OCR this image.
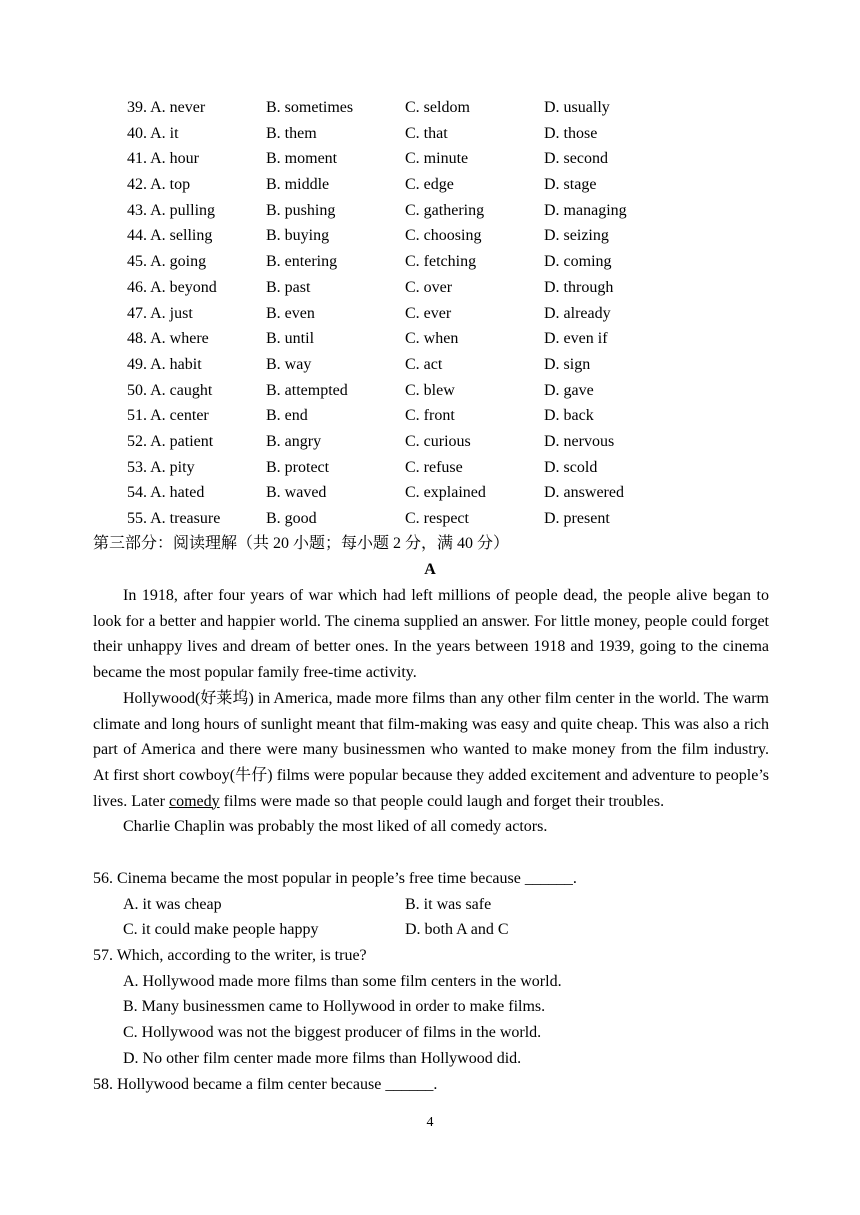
39. A. never	B. sometimes	C. seldom	D. usually
40. A. it	B. them	C. that	D. those
41. A. hour	B. moment	C. minute	D. second
42. A. top	B. middle	C. edge	D. stage
43. A. pulling	B. pushing	C. gathering	D. managing
44. A. selling	B. buying	C. choosing	D. seizing
45. A. going	B. entering	C. fetching	D. coming
46. A. beyond	B. past	C. over	D. through
47. A. just	B. even	C. ever	D. already
48. A. where	B. until	C. when	D. even if
49. A. habit	B. way	C. act	D. sign
50. A. caught	B. attempted	C. blew	D. gave
51. A. center	B. end	C. front	D. back
52. A. patient	B. angry	C. curious	D. nervous
53. A. pity	B. protect	C. refuse	D. scold
54. A. hated	B. waved	C. explained	D. answered
55. A. treasure	B. good	C. respect	D. present
第三部分：阅读理解（共 20 小题；每小题 2 分，满 40 分）
A

In 1918, after four years of war which had left millions of people dead, the people alive began to look for a better and happier world. The cinema supplied an answer. For little money, people could forget their unhappy lives and dream of better ones. In the years between 1918 and 1939, going to the cinema became the most popular family free-time activity.

Hollywood(好莱坞) in America, made more films than any other film center in the world. The warm climate and long hours of sunlight meant that film-making was easy and quite cheap. This was also a rich part of America and there were many businessmen who wanted to make money from the film industry. At first short cowboy(牛仔) films were popular because they added excitement and adventure to people’s lives. Later comedy films were made so that people could laugh and forget their troubles.

Charlie Chaplin was probably the most liked of all comedy actors.

56. Cinema became the most popular in people’s free time because ______.

A. it was cheap	B. it was safe
C. it could make people happy	D. both A and C

57. Which, according to the writer, is true?

A. Hollywood made more films than some film centers in the world.

B. Many businessmen came to Hollywood in order to make films.

C. Hollywood was not the biggest producer of films in the world.

D. No other film center made more films than Hollywood did.

58. Hollywood became a film center because ______.

4
